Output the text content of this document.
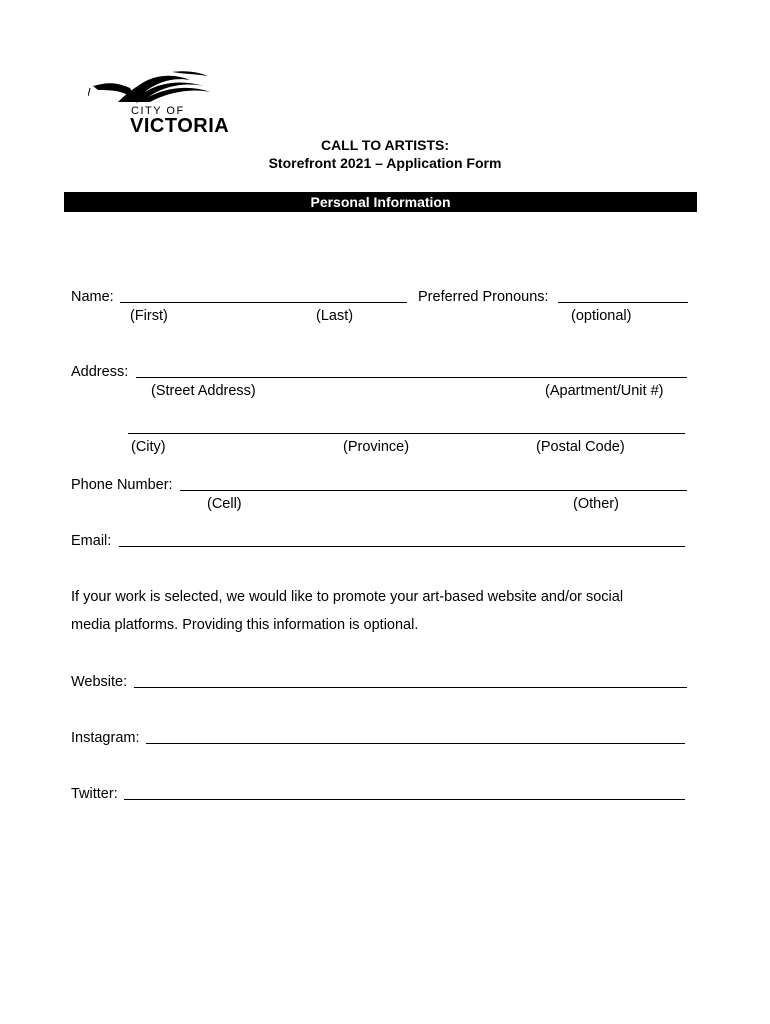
CITY OF
VICTORIA
CALL TO ARTISTS:
Storefront 2021 – Application Form
Personal Information
Name:	Preferred Pronouns:
(First)	(Last)	(optional)
Address:
(Street Address)	(Apartment/Unit #)
(City)	(Province)	(Postal Code)
Phone Number:
(Cell)	(Other)
Email:
If your work is selected, we would like to promote your art-based website and/or social
media platforms. Providing this information is optional.
Website:
Instagram:
Twitter:
